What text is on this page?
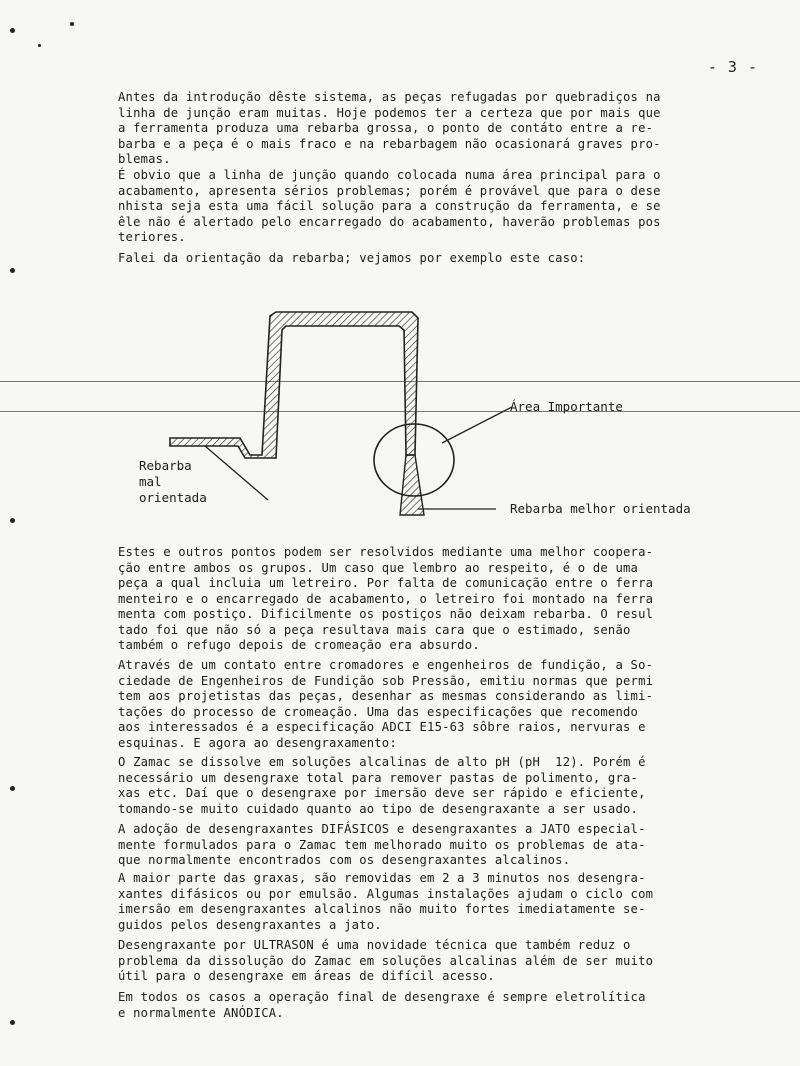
- 3 -
Antes da introdução dêste sistema, as peças refugadas por quebradiços na
linha de junção eram muitas. Hoje podemos ter a certeza que por mais que
a ferramenta produza uma rebarba grossa, o ponto de contáto entre a re-
barba e a peça é o mais fraco e na rebarbagem não ocasionará graves pro-
blemas.
É obvio que a linha de junção quando colocada numa área principal para o
acabamento, apresenta sérios problemas; porém é provável que para o dese
nhista seja esta uma fácil solução para a construção da ferramenta, e se
êle não é alertado pelo encarregado do acabamento, haverão problemas pos
teriores.
Falei da orientação da rebarba; vejamos por exemplo este caso:
Área Importante
Rebarba
mal
orientada
Rebarba melhor orientada
Estes e outros pontos podem ser resolvidos mediante uma melhor coopera-
ção entre ambos os grupos. Um caso que lembro ao respeito, é o de uma
peça a qual incluia um letreiro. Por falta de comunicação entre o ferra
menteiro e o encarregado de acabamento, o letreiro foi montado na ferra
menta com postiço. Dificilmente os postiços não deixam rebarba. O resul
tado foi que não só a peça resultava mais cara que o estimado, senão
também o refugo depois de cromeação era absurdo.
Através de um contato entre cromadores e engenheiros de fundição, a So-
ciedade de Engenheiros de Fundição sob Pressão, emitiu normas que permi
tem aos projetistas das peças, desenhar as mesmas considerando as limi-
tações do processo de cromeação. Uma das especificações que recomendo
aos interessados é a especificação ADCI E15-63 sôbre raios, nervuras e
esquinas. E agora ao desengraxamento:
O Zamac se dissolve em soluções alcalinas de alto pH (pH  12). Porém é
necessário um desengraxe total para remover pastas de polimento, gra-
xas etc. Daí que o desengraxe por imersão deve ser rápido e eficiente,
tomando-se muito cuidado quanto ao tipo de desengraxante a ser usado.
A adoção de desengraxantes DIFÁSICOS e desengraxantes a JATO especial-
mente formulados para o Zamac tem melhorado muito os problemas de ata-
que normalmente encontrados com os desengraxantes alcalinos.
A maior parte das graxas, são removidas em 2 a 3 minutos nos desengra-
xantes difásicos ou por emulsão. Algumas instalações ajudam o ciclo com
imersão em desengraxantes alcalinos não muito fortes imediatamente se-
guidos pelos desengraxantes a jato.
Desengraxante por ULTRASON é uma novidade técnica que também reduz o
problema da dissolução do Zamac em soluções alcalinas além de ser muito
útil para o desengraxe em áreas de difícil acesso.
Em todos os casos a operação final de desengraxe é sempre eletrolítica
e normalmente ANÓDICA.
